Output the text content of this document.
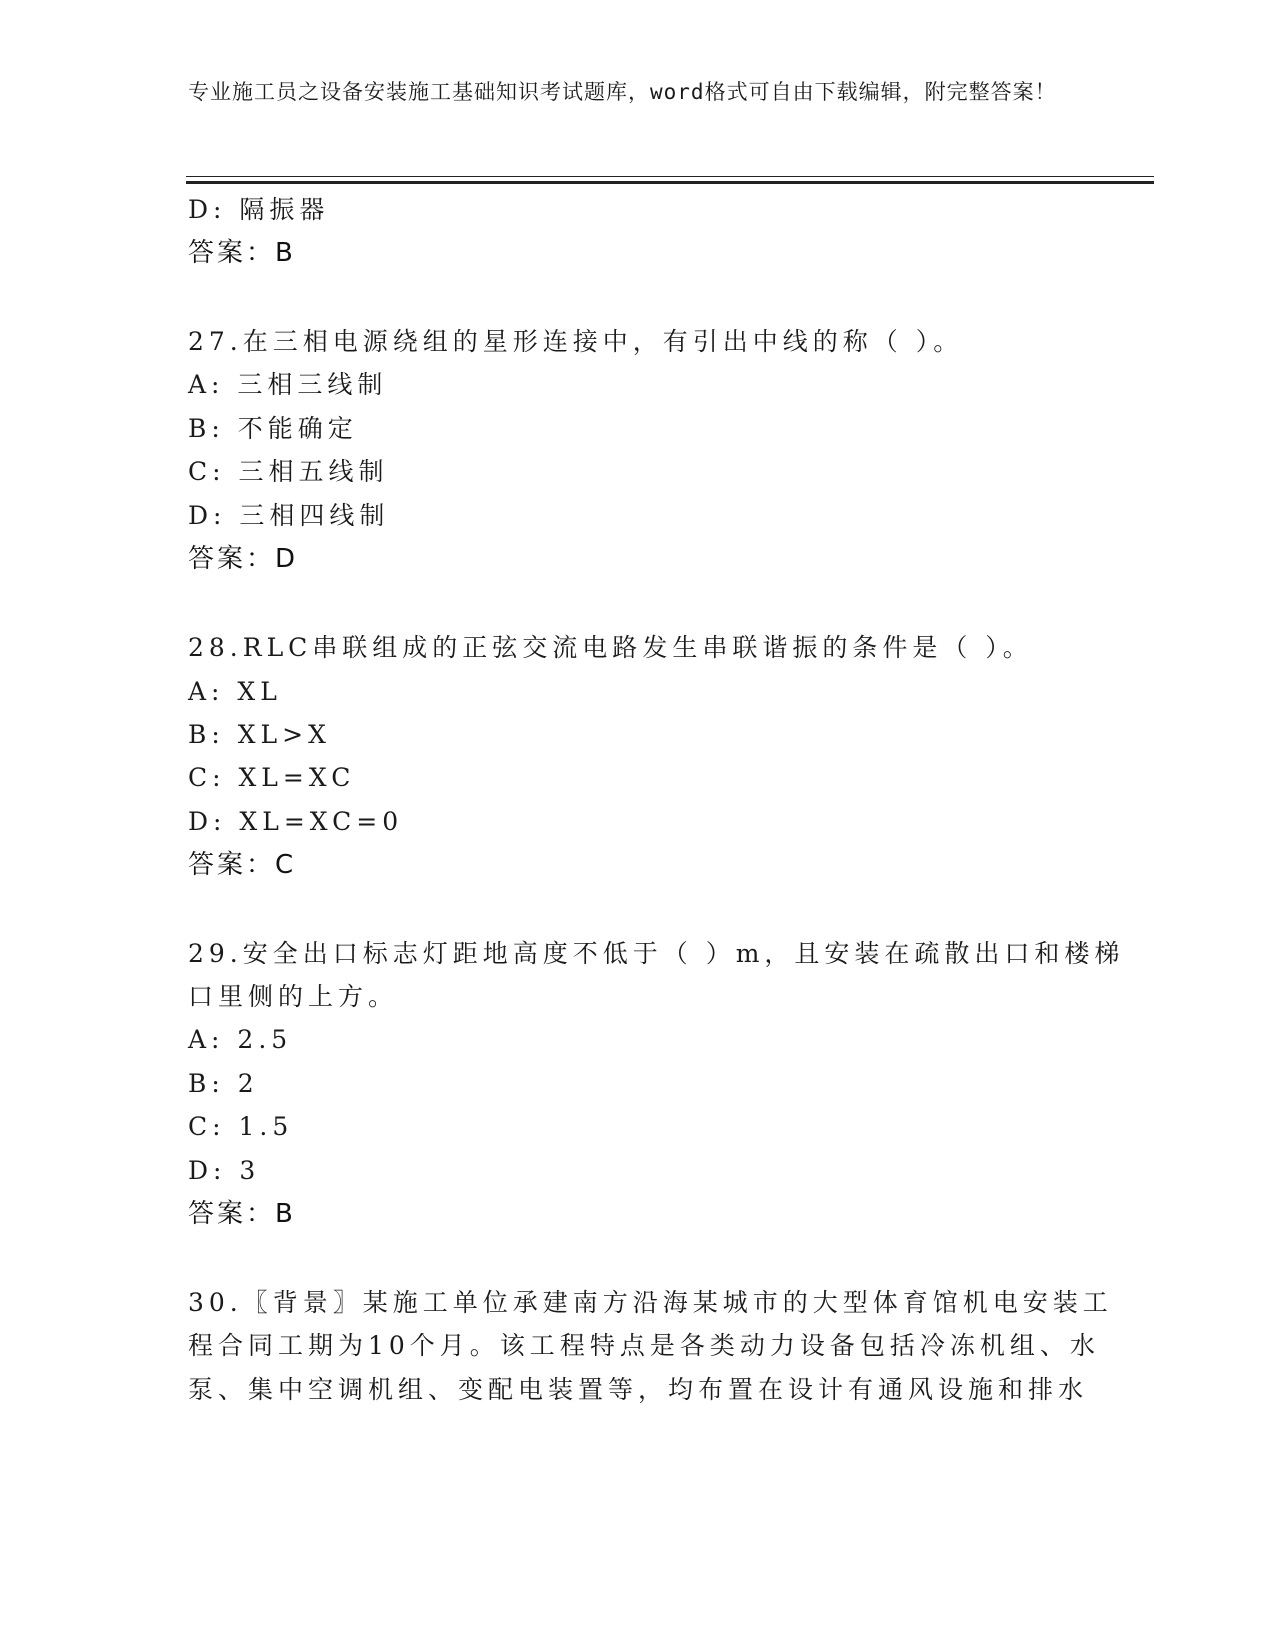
专业施工员之设备安装施工基础知识考试题库，word格式可自由下载编辑，附完整答案！
D: 隔振器
答案：B
27.在三相电源绕组的星形连接中，有引出中线的称（ ）。
A: 三相三线制
B: 不能确定
C: 三相五线制
D: 三相四线制
答案：D
28.RLC串联组成的正弦交流电路发生串联谐振的条件是（ ）。
A: XL
B: XL>X
C: XL=XC
D: XL=XC=0
答案：C
29.安全出口标志灯距地高度不低于（ ）m，且安装在疏散出口和楼梯
口里侧的上方。
A: 2.5
B: 2
C: 1.5
D: 3
答案：B
30.〖背景〗某施工单位承建南方沿海某城市的大型体育馆机电安装工
程合同工期为10个月。该工程特点是各类动力设备包括冷冻机组、水
泵、集中空调机组、变配电装置等，均布置在设计有通风设施和排水
